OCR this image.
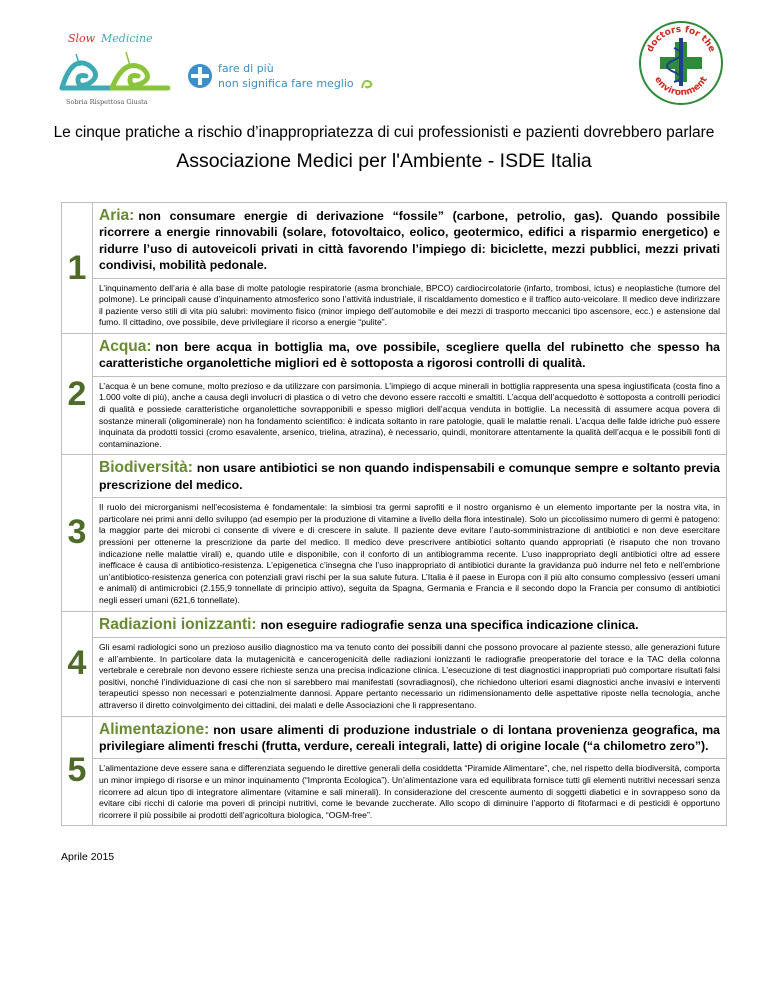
Slow Medicine
Sobria Rispettosa Giusta
fare di più
non significa fare meglio
doctors for the
environment
Le cinque pratiche a rischio d’inappropriatezza di cui professionisti e pazienti dovrebbero parlare
Associazione Medici per l'Ambiente - ISDE Italia
1	Aria: non consumare energie di derivazione “fossile” (carbone, petrolio, gas). Quando possibile ricorrere a energie rinnovabili (solare, fotovoltaico, eolico, geotermico, edifici a risparmio energetico) e ridurre l’uso di autoveicoli privati in città favorendo l’impiego di: biciclette, mezzi pubblici, mezzi privati condivisi, mobilità pedonale.
	L’inquinamento dell’aria è alla base di molte patologie respiratorie (asma bronchiale, BPCO) cardiocircolatorie (infarto, trombosi, ictus) e neoplastiche (tumore del polmone). Le principali cause d’inquinamento atmosferico sono l’attività industriale, il riscaldamento domestico e il traffico auto-veicolare. Il medico deve indirizzare il paziente verso stili di vita più salubri: movimento fisico (minor impiego dell’automobile e dei mezzi di trasporto meccanici tipo ascensore, ecc.) e astensione dal fumo. Il cittadino, ove possibile, deve privilegiare il ricorso a energie “pulite”.
2	Acqua: non bere acqua in bottiglia ma, ove possibile, scegliere quella del rubinetto che spesso ha caratteristiche organolettiche migliori ed è sottoposta a rigorosi controlli di qualità.
	L’acqua è un bene comune, molto prezioso e da utilizzare con parsimonia. L’impiego di acque minerali in bottiglia rappresenta una spesa ingiustificata (costa fino a 1.000 volte di più), anche a causa degli involucri di plastica o di vetro che devono essere raccolti e smaltiti. L’acqua dell’acquedotto è sottoposta a controlli periodici di qualità e possiede caratteristiche organolettiche sovrapponibili e spesso migliori dell’acqua venduta in bottiglie. La necessità di assumere acqua povera di sostanze minerali (oligominerale) non ha fondamento scientifico: è indicata soltanto in rare patologie, quali le malattie renali. L’acqua delle falde idriche può essere inquinata da prodotti tossici (cromo esavalente, arsenico, trielina, atrazina), è necessario, quindi, monitorare attentamente la qualità dell’acqua e le possibili fonti di contaminazione.
3	Biodiversità: non usare antibiotici se non quando indispensabili e comunque sempre e soltanto previa prescrizione del medico.
	Il ruolo dei microrganismi nell’ecosistema è fondamentale: la simbiosi tra germi saprofiti e il nostro organismo è un elemento importante per la nostra vita, in particolare nei primi anni dello sviluppo (ad esempio per la produzione di vitamine a livello della flora intestinale). Solo un piccolissimo numero di germi è patogeno: la maggior parte dei microbi ci consente di vivere e di crescere in salute. Il paziente deve evitare l’auto-somministrazione di antibiotici e non deve esercitare pressioni per ottenerne la prescrizione da parte del medico. Il medico deve prescrivere antibiotici soltanto quando appropriati (è risaputo che non trovano indicazione nelle malattie virali) e, quando utile e disponibile, con il conforto di un antibiogramma recente. L’uso inappropriato degli antibiotici oltre ad essere inefficace è causa di antibiotico-resistenza. L’epigenetica c’insegna che l’uso inappropriato di antibiotici durante la gravidanza può indurre nel feto e nell’embrione un’antibiotico-resistenza generica con potenziali gravi rischi per la sua salute futura. L’Italia è il paese in Europa con il più alto consumo complessivo (esseri umani e animali) di antimicrobici (2.155,9 tonnellate di principio attivo), seguita da Spagna, Germania e Francia e il secondo dopo la Francia per consumo di antibiotici negli esseri umani (621,6 tonnellate).
4	Radiazioni ionizzanti: non eseguire radiografie senza una specifica indicazione clinica.
	Gli esami radiologici sono un prezioso ausilio diagnostico ma va tenuto conto dei possibili danni che possono provocare al paziente stesso, alle generazioni future e all’ambiente. In particolare data la mutagenicità e cancerogenicità delle radiazioni ionizzanti le radiografie preoperatorie del torace e la TAC della colonna vertebrale e cerebrale non devono essere richieste senza una precisa indicazione clinica. L’esecuzione di test diagnostici inappropriati può comportare risultati falsi positivi, nonché l’individuazione di casi che non si sarebbero mai manifestati (sovradiagnosi), che richiedono ulteriori esami diagnostici anche invasivi e interventi terapeutici spesso non necessari e potenzialmente dannosi. Appare pertanto necessario un ridimensionamento delle aspettative riposte nella tecnologia, anche attraverso il diretto coinvolgimento dei cittadini, dei malati e delle Associazioni che li rappresentano.
5	Alimentazione: non usare alimenti di produzione industriale o di lontana provenienza geografica, ma privilegiare alimenti freschi (frutta, verdure, cereali integrali, latte) di origine locale (“a chilometro zero”).
	L’alimentazione deve essere sana e differenziata seguendo le direttive generali della cosiddetta “Piramide Alimentare”, che, nel rispetto della biodiversità, comporta un minor impiego di risorse e un minor inquinamento (“Impronta Ecologica”). Un’alimentazione vara ed equilibrata fornisce tutti gli elementi nutritivi necessari senza ricorrere ad alcun tipo di integratore alimentare (vitamine e sali minerali). In considerazione del crescente aumento di soggetti diabetici e in sovrappeso sono da evitare cibi ricchi di calorie ma poveri di principi nutritivi, come le bevande zuccherate. Allo scopo di diminuire l’apporto di fitofarmaci e di pesticidi è opportuno ricorrere il più possibile ai prodotti dell’agricoltura biologica, “OGM-free”.
Aprile 2015
